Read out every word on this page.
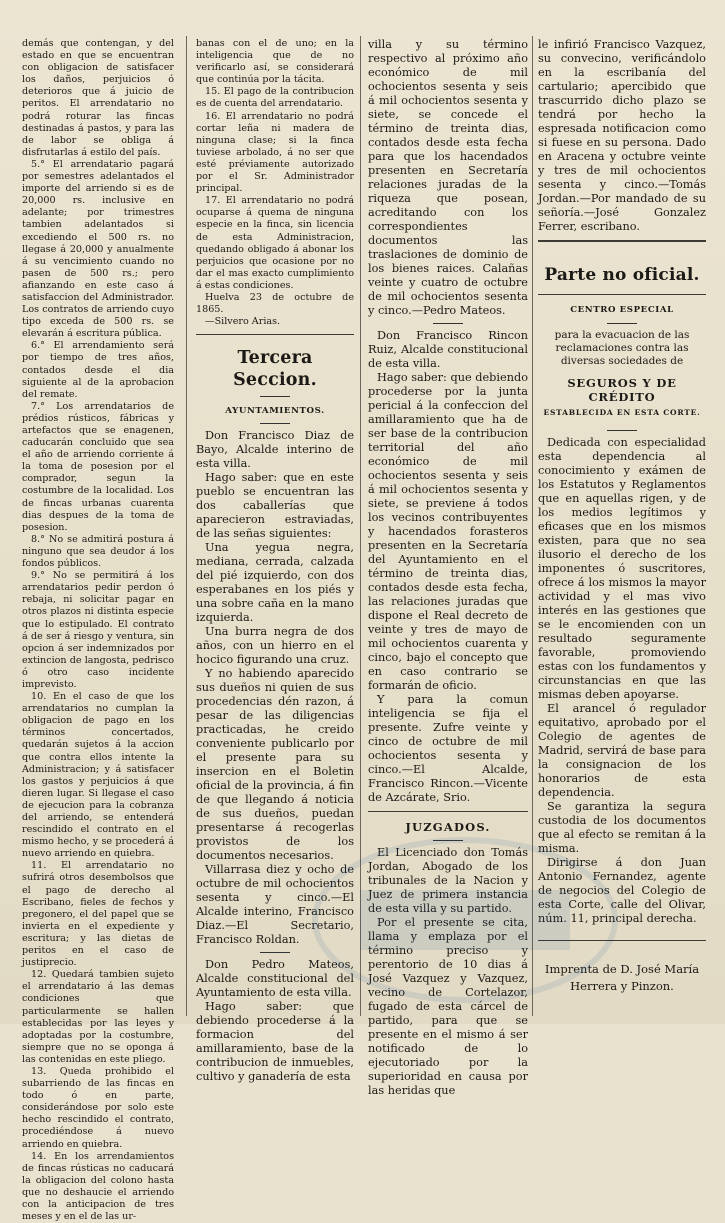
demás que contengan, y del estado en que se encuentran con obligacion de satisfacer los daños, perjuicios ó deterioros que á juicio de peritos. El arrendatario no podrá roturar las fincas destinadas á pastos, y para las de labor se obliga á disfrutarlas á estilo del país.

5.° El arrendatario pagará por semestres adelantados el importe del arriendo si es de 20,000 rs. inclusive en adelante; por trimestres tambien adelantados si excediendo el 500 rs. no llegase á 20,000 y anualmente á su vencimiento cuando no pasen de 500 rs.; pero afianzando en este caso á satisfaccion del Administrador. Los contratos de arriendo cuyo tipo exceda de 500 rs. se elevarán á escritura pública.

6.° El arrendamiento será por tiempo de tres años, contados desde el dia siguiente al de la aprobacion del remate.

7.° Los arrendatarios de prédios rústicos, fábricas y artefactos que se enagenen, caducarán concluido que sea el año de arriendo corriente á la toma de posesion por el comprador, segun la costumbre de la localidad. Los de fincas urbanas cuarenta dias despues de la toma de posesion.

8.° No se admitirá postura á ninguno que sea deudor á los fondos públicos.

9.° No se permitirá á los arrendatarios pedir perdon ó rebaja, ni solicitar pagar en otros plazos ni distinta especie que lo estipulado. El contrato á de ser á riesgo y ventura, sin opcion á ser indemnizados por extincion de langosta, pedrisco ó otro caso incidente imprevisto.

10. En el caso de que los arrendatarios no cumplan la obligacion de pago en los términos concertados, quedarán sujetos á la accion que contra ellos intente la Administracion; y á satisfacer los gastos y perjuicios á que dieren lugar. Si llegase el caso de ejecucion para la cobranza del arriendo, se entenderá rescindido el contrato en el mismo hecho, y se procederá á nuevo arriendo en quiebra.

11. El arrendatario no sufrirá otros desembolsos que el pago de derecho al Escribano, fieles de fechos y pregonero, el del papel que se invierta en el expediente y escritura; y las dietas de peritos en el caso de justiprecio.

12. Quedará tambien sujeto el arrendatario á las demas condiciones que particularmente se hallen establecidas por las leyes y adoptadas por la costumbre, siempre que no se oponga á las contenidas en este pliego.

13. Queda prohibido el subarriendo de las fincas en todo ó en parte, considerándose por solo este hecho rescindido el contrato, procediéndose á nuevo arriendo en quiebra.

14. En los arrendamientos de fincas rústicas no caducará la obligacion del colono hasta que no deshaucie el arriendo con la anticipacion de tres meses y en el de las ur-

banas con el de uno; en la inteligencia que de no verificarlo así, se considerará que continúa por la tácita.

15. El pago de la contribucion es de cuenta del arrendatario.

16. El arrendatario no podrá cortar leña ni madera de ninguna clase; si la finca tuviese arbolado, á no ser que esté préviamente autorizado por el Sr. Administrador principal.

17. El arrendatario no podrá ocuparse á quema de ninguna especie en la finca, sin licencia de esta Administracion, quedando obligado á abonar los perjuicios que ocasione por no dar el mas exacto cumplimiento á estas condiciones.

Huelva 23 de octubre de 1865.

—Silvero Arias.

Tercera Seccion.
AYUNTAMIENTOS.

Don Francisco Diaz de Bayo, Alcalde interino de esta villa.

Hago saber: que en este pueblo se encuentran las dos caballerías que aparecieron estraviadas, de las señas siguientes:

Una yegua negra, mediana, cerrada, calzada del pié izquierdo, con dos esperabanes en los piés y una sobre caña en la mano izquierda.

Una burra negra de dos años, con un hierro en el hocico figurando una cruz.

Y no habiendo aparecido sus dueños ni quien de sus procedencias dén razon, á pesar de las diligencias practicadas, he creido conveniente publicarlo por el presente para su insercion en el Boletin oficial de la provincia, á fin de que llegando á noticia de sus dueños, puedan presentarse á recogerlas provistos de los documentos necesarios.

Villarrasa diez y ocho de octubre de mil ochocientos sesenta y cinco.—El Alcalde interino, Francisco Diaz.—El Secretario, Francisco Roldan.

Don Pedro Mateos, Alcalde constitucional del Ayuntamiento de esta villa.

Hago saber: que debiendo procederse á la formacion del amillaramiento, base de la contribucion de inmuebles, cultivo y ganadería de esta

villa y su término respectivo al próximo año económico de mil ochocientos sesenta y seis á mil ochocientos sesenta y siete, se concede el término de treinta dias, contados desde esta fecha para que los hacendados presenten en Secretaría relaciones juradas de la riqueza que posean, acreditando con los correspondientes documentos las traslaciones de dominio de los bienes raices. Calañas veinte y cuatro de octubre de mil ochocientos sesenta y cinco.—Pedro Mateos.

Don Francisco Rincon Ruiz, Alcalde constitucional de esta villa.

Hago saber: que debiendo procederse por la junta pericial á la confeccion del amillaramiento que ha de ser base de la contribucion territorial del año económico de mil ochocientos sesenta y seis á mil ochocientos sesenta y siete, se previene á todos los vecinos contribuyentes y hacendados forasteros presenten en la Secretaría del Ayuntamiento en el término de treinta dias, contados desde esta fecha, las relaciones juradas que dispone el Real decreto de veinte y tres de mayo de mil ochocientos cuarenta y cinco, bajo el concepto que en caso contrario se formarán de oficio.

Y para la comun inteligencia se fija el presente. Zufre veinte y cinco de octubre de mil ochocientos sesenta y cinco.—El Alcalde, Francisco Rincon.—Vicente de Azcárate, Srio.

JUZGADOS.

El Licenciado don Tomás Jordan, Abogado de los tribunales de la Nacion y Juez de primera instancia de esta villa y su partido.

Por el presente se cita, llama y emplaza por el término preciso y perentorio de 10 dias á José Vazquez y Vazquez, vecino de Cortelazor, fugado de esta cárcel de partido, para que se presente en el mismo á ser notificado de lo ejecutoriado por la superioridad en causa por las heridas que

le infirió Francisco Vazquez, su convecino, verificándolo en la escribanía del cartulario; apercibido que trascurrido dicho plazo se tendrá por hecho la espresada notificacion como si fuese en su persona. Dado en Aracena y octubre veinte y tres de mil ochocientos sesenta y cinco.—Tomás Jordan.—Por mandado de su señoría.—José Gonzalez Ferrer, escribano.

Parte no oficial.
CENTRO ESPECIAL

para la evacuacion de las reclamaciones contra las diversas sociedades de

SEGUROS Y DE CRÉDITO
ESTABLECIDA EN ESTA CORTE.

Dedicada con especialidad esta dependencia al conocimiento y exámen de los Estatutos y Reglamentos que en aquellas rigen, y de los medios legítimos y eficases que en los mismos existen, para que no sea ilusorio el derecho de los imponentes ó suscritores, ofrece á los mismos la mayor actividad y el mas vivo interés en las gestiones que se le encomienden con un resultado seguramente favorable, promoviendo estas con los fundamentos y circunstancias en que las mismas deben apoyarse.

El arancel ó regulador equitativo, aprobado por el Colegio de agentes de Madrid, servirá de base para la consignacion de los honorarios de esta dependencia.

Se garantiza la segura custodia de los documentos que al efecto se remitan á la misma.

Dirigirse á don Juan Antonio Fernandez, agente de negocios del Colegio de esta Corte, calle del Olivar, núm. 11, principal derecha.

Imprenta de D. José María
Herrera y Pinzon.
